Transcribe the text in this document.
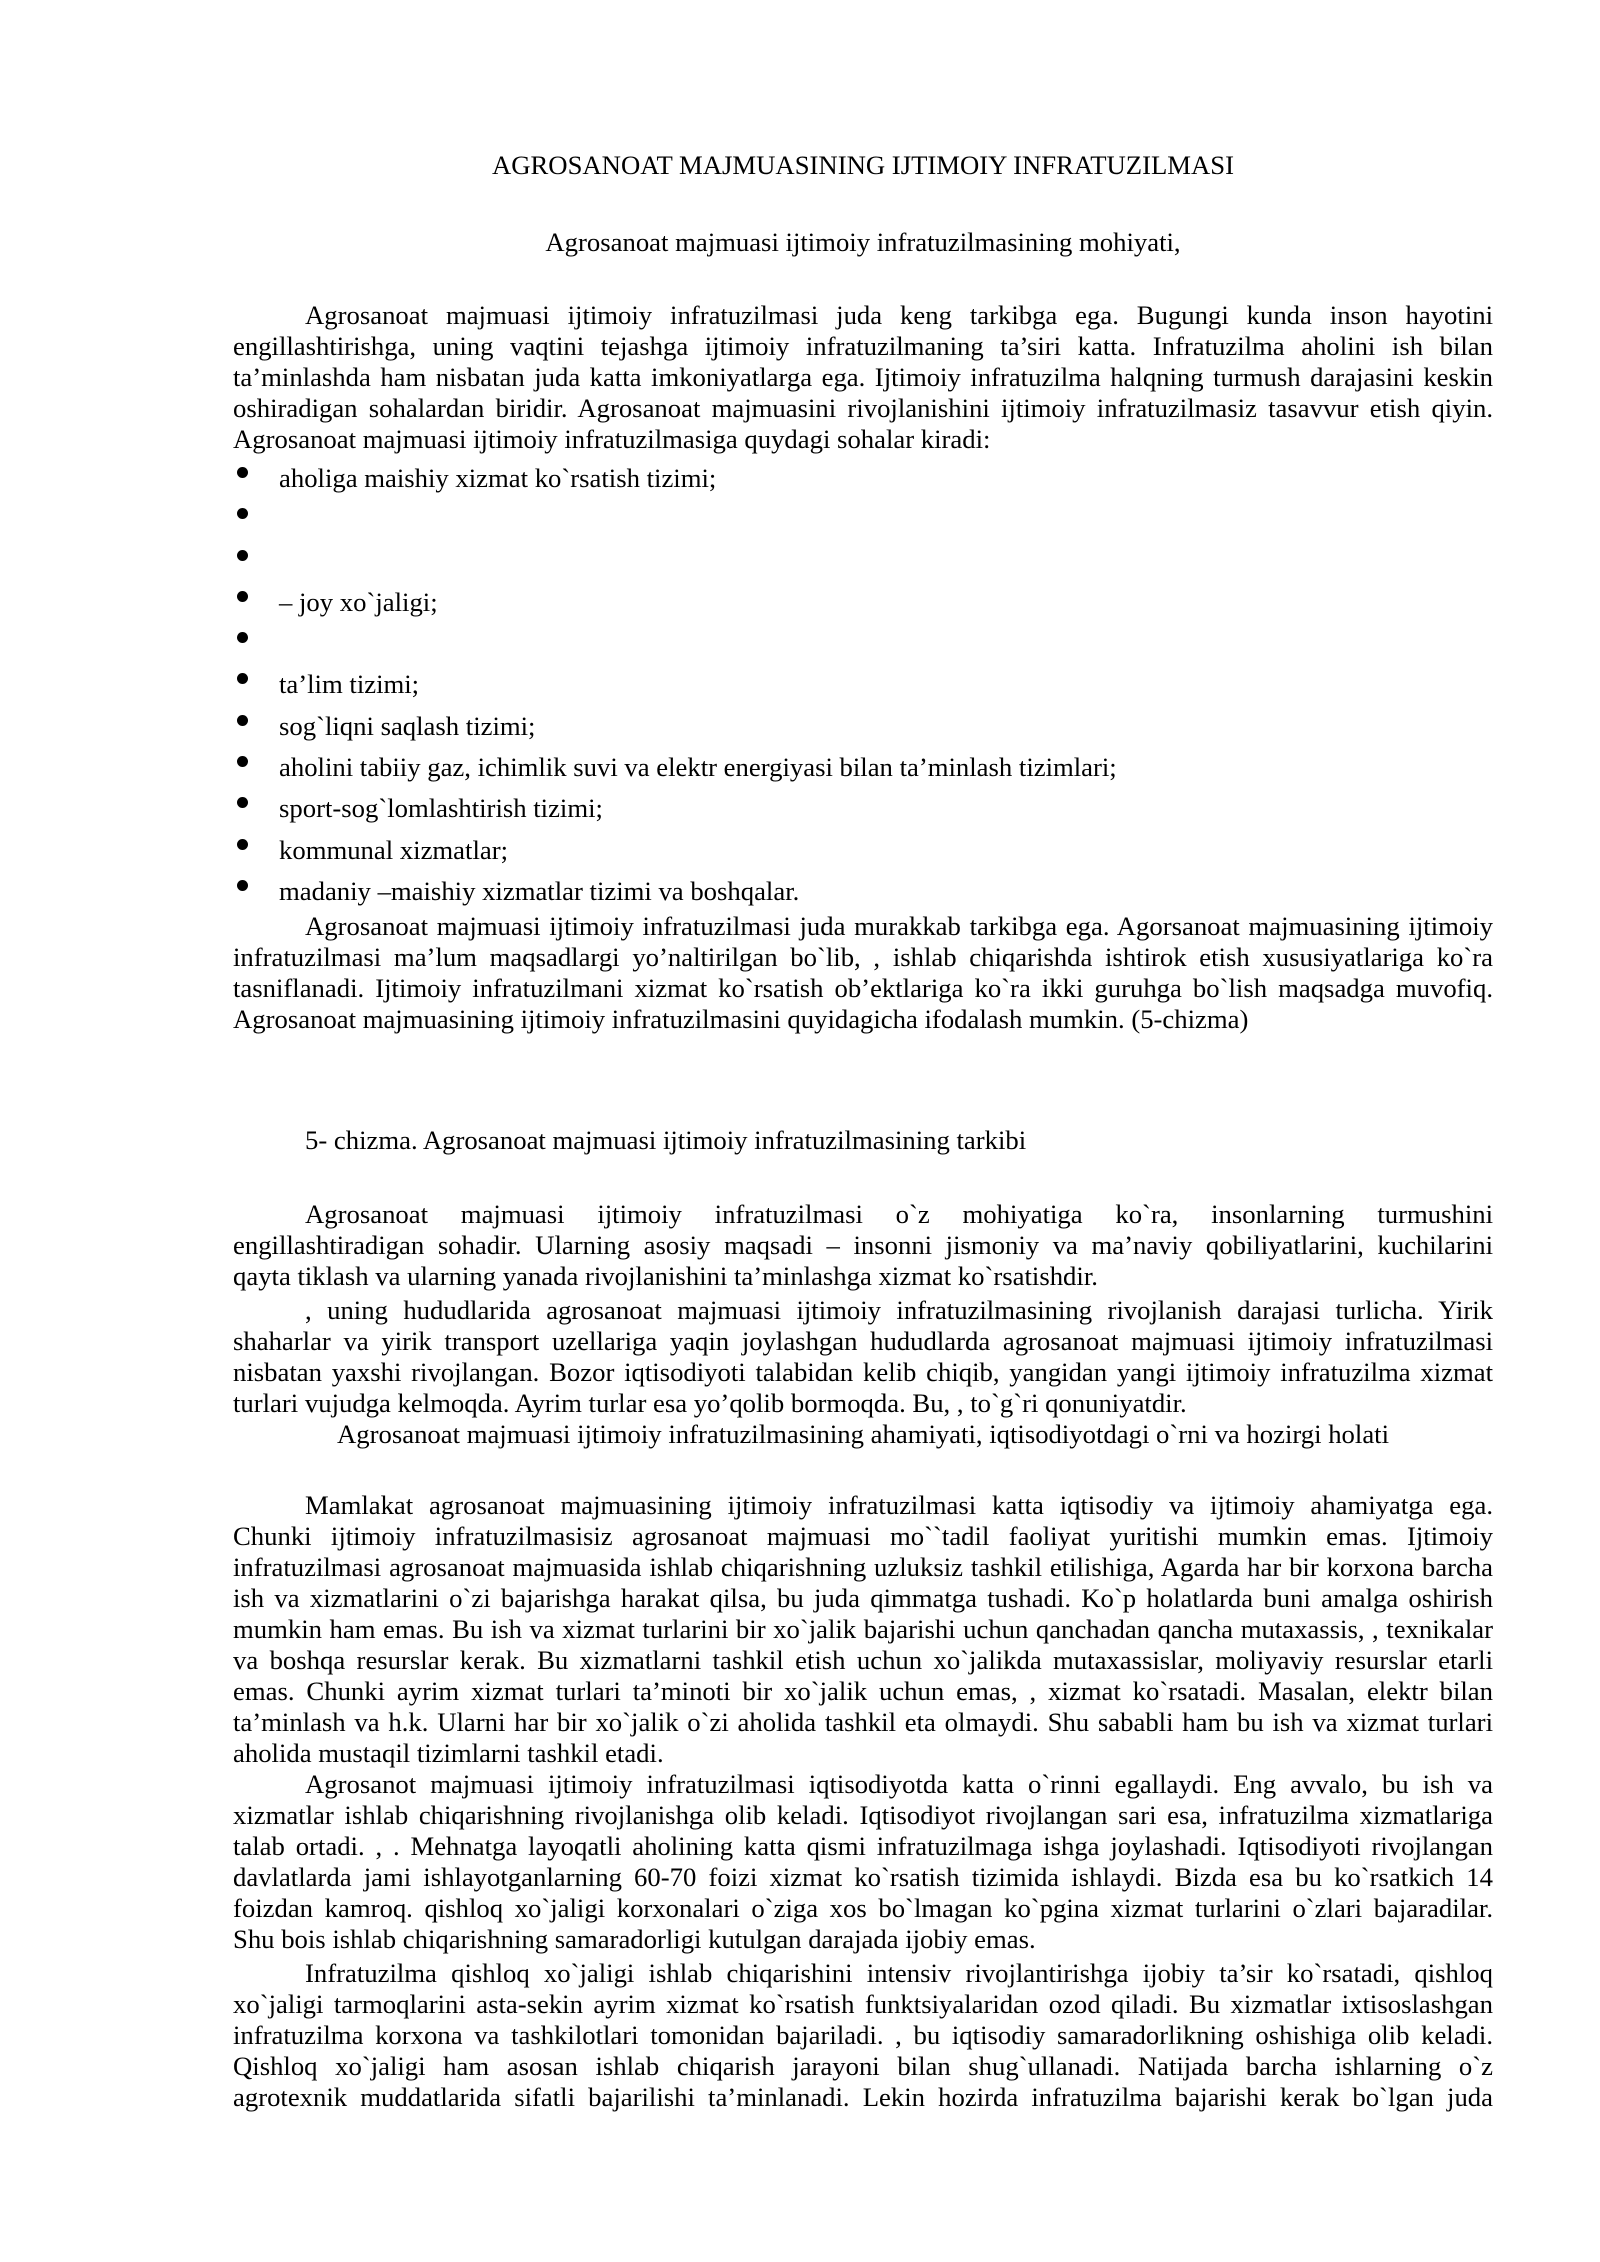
AGROSANOAT MAJMUASINING IJTIMOIY INFRATUZILMASI
Agrosanoat majmuasi ijtimoiy infratuzilmasining mohiyati,
Agrosanoat majmuasi ijtimoiy infratuzilmasi juda keng tarkibga ega. Bugungi kunda inson hayotini
engillashtirishga, uning vaqtini tejashga ijtimoiy infratuzilmaning ta’siri katta. Infratuzilma aholini ish bilan
ta’minlashda ham nisbatan juda katta imkoniyatlarga ega. Ijtimoiy infratuzilma halqning turmush darajasini keskin
oshiradigan sohalardan biridir. Agrosanoat majmuasini rivojlanishini ijtimoiy infratuzilmasiz tasavvur etish qiyin.
Agrosanoat majmuasi ijtimoiy infratuzilmasiga quydagi sohalar kiradi:
aholiga maishiy xizmat ko`rsatish tizimi;
– joy xo`jaligi;
ta’lim tizimi;
sog`liqni saqlash tizimi;
aholini tabiiy gaz, ichimlik suvi va elektr energiyasi bilan ta’minlash tizimlari;
sport-sog`lomlashtirish tizimi;
kommunal xizmatlar;
madaniy –maishiy xizmatlar tizimi va boshqalar.
Agrosanoat majmuasi ijtimoiy infratuzilmasi juda murakkab tarkibga ega. Agorsanoat majmuasining ijtimoiy
infratuzilmasi ma’lum maqsadlargi yo’naltirilgan bo`lib, , ishlab chiqarishda ishtirok etish xususiyatlariga ko`ra
tasniflanadi. Ijtimoiy infratuzilmani xizmat ko`rsatish ob’ektlariga ko`ra ikki guruhga bo`lish maqsadga muvofiq.
Agrosanoat majmuasining ijtimoiy infratuzilmasini quyidagicha ifodalash mumkin. (5-chizma)
5- chizma. Agrosanoat majmuasi ijtimoiy infratuzilmasining tarkibi
Agrosanoat majmuasi ijtimoiy infratuzilmasi o`z mohiyatiga ko`ra, insonlarning turmushini
engillashtiradigan sohadir. Ularning asosiy maqsadi – insonni jismoniy va ma’naviy qobiliyatlarini, kuchilarini
qayta tiklash va ularning yanada rivojlanishini ta’minlashga xizmat ko`rsatishdir.
, uning hududlarida agrosanoat majmuasi ijtimoiy infratuzilmasining rivojlanish darajasi turlicha. Yirik
shaharlar va yirik transport uzellariga yaqin joylashgan hududlarda agrosanoat majmuasi ijtimoiy infratuzilmasi
nisbatan yaxshi rivojlangan. Bozor iqtisodiyoti talabidan kelib chiqib, yangidan yangi ijtimoiy infratuzilma xizmat
turlari vujudga kelmoqda. Ayrim turlar esa yo’qolib bormoqda. Bu, , to`g`ri qonuniyatdir.
Agrosanoat majmuasi ijtimoiy infratuzilmasining ahamiyati, iqtisodiyotdagi o`rni va hozirgi holati
Mamlakat agrosanoat majmuasining ijtimoiy infratuzilmasi katta iqtisodiy va ijtimoiy ahamiyatga ega.
Chunki ijtimoiy infratuzilmasisiz agrosanoat majmuasi mo``tadil faoliyat yuritishi mumkin emas. Ijtimoiy
infratuzilmasi agrosanoat majmuasida ishlab chiqarishning uzluksiz tashkil etilishiga, Agarda har bir korxona barcha
ish va xizmatlarini o`zi bajarishga harakat qilsa, bu juda qimmatga tushadi. Ko`p holatlarda buni amalga oshirish
mumkin ham emas. Bu ish va xizmat turlarini bir xo`jalik bajarishi uchun qanchadan qancha mutaxassis, , texnikalar
va boshqa resurslar kerak. Bu xizmatlarni tashkil etish uchun xo`jalikda mutaxassislar, moliyaviy resurslar etarli
emas. Chunki ayrim xizmat turlari ta’minoti bir xo`jalik uchun emas, , xizmat ko`rsatadi. Masalan, elektr bilan
ta’minlash va h.k. Ularni har bir xo`jalik o`zi aholida tashkil eta olmaydi. Shu sababli ham bu ish va xizmat turlari
aholida mustaqil tizimlarni tashkil etadi.
Agrosanot majmuasi ijtimoiy infratuzilmasi iqtisodiyotda katta o`rinni egallaydi. Eng avvalo, bu ish va
xizmatlar ishlab chiqarishning rivojlanishga olib keladi. Iqtisodiyot rivojlangan sari esa, infratuzilma xizmatlariga
talab ortadi. , . Mehnatga layoqatli aholining katta qismi infratuzilmaga ishga joylashadi. Iqtisodiyoti rivojlangan
davlatlarda jami ishlayotganlarning 60-70 foizi xizmat ko`rsatish tizimida ishlaydi. Bizda esa bu ko`rsatkich 14
foizdan kamroq. qishloq xo`jaligi korxonalari o`ziga xos bo`lmagan ko`pgina xizmat turlarini o`zlari bajaradilar.
Shu bois ishlab chiqarishning samaradorligi kutulgan darajada ijobiy emas.
Infratuzilma qishloq xo`jaligi ishlab chiqarishini intensiv rivojlantirishga ijobiy ta’sir ko`rsatadi, qishloq
xo`jaligi tarmoqlarini asta-sekin ayrim xizmat ko`rsatish funktsiyalaridan ozod qiladi. Bu xizmatlar ixtisoslashgan
infratuzilma korxona va tashkilotlari tomonidan bajariladi. , bu iqtisodiy samaradorlikning oshishiga olib keladi.
Qishloq xo`jaligi ham asosan ishlab chiqarish jarayoni bilan shug`ullanadi. Natijada barcha ishlarning o`z
agrotexnik muddatlarida sifatli bajarilishi ta’minlanadi. Lekin hozirda infratuzilma bajarishi kerak bo`lgan juda
